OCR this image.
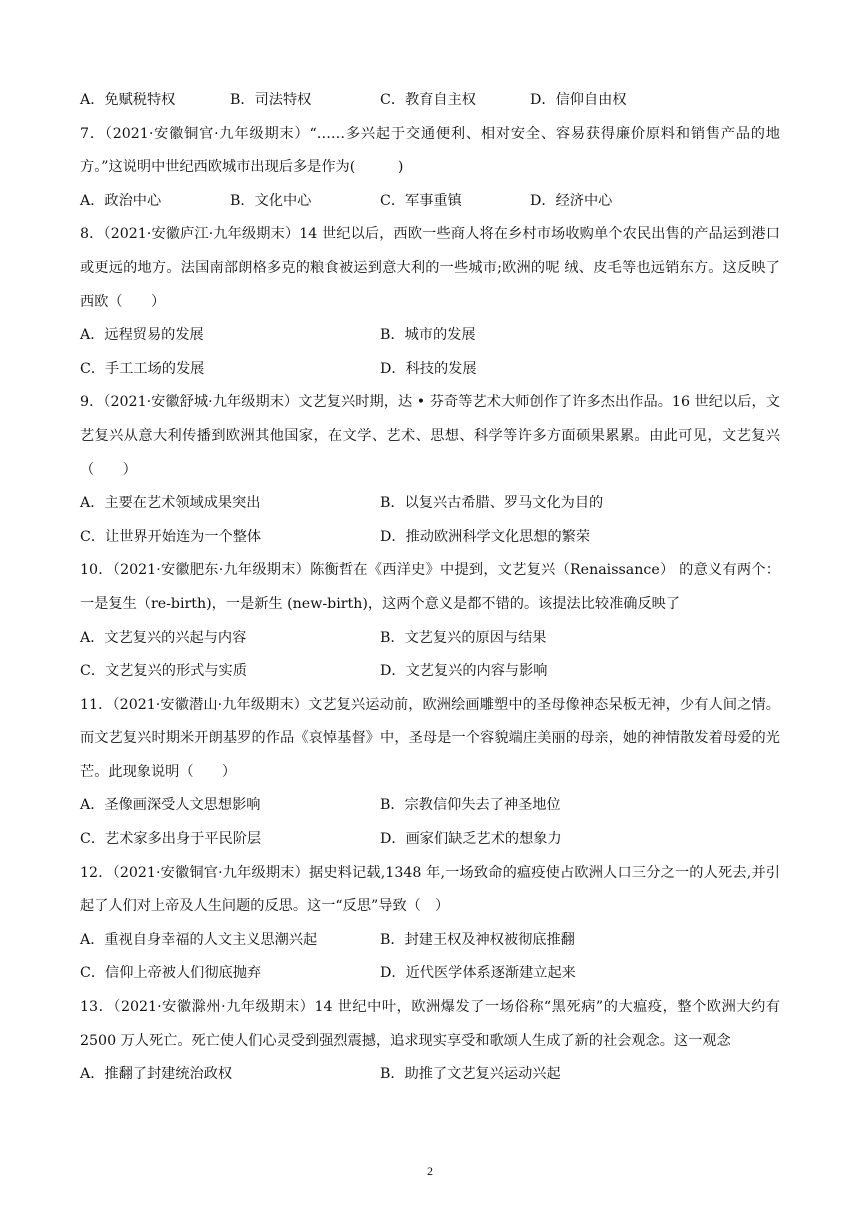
A．免赋税特权	B．司法特权	C．教育自主权	D．信仰自由权
7．（2021·安徽铜官·九年级期末）“……多兴起于交通便利、相对安全、容易获得廉价原料和销售产品的地方。”这说明中世纪西欧城市出现后多是作为(　　　)
A．政治中心	B．文化中心	C．军事重镇	D．经济中心
8．（2021·安徽庐江·九年级期末）14 世纪以后，西欧一些商人将在乡村市场收购单个农民出售的产品运到港口或更远的地方。法国南部朗格多克的粮食被运到意大利的一些城市;欧洲的呢 绒、皮毛等也远销东方。这反映了西欧（　　）
A．远程贸易的发展	B．城市的发展
C．手工工场的发展	D．科技的发展
9．（2021·安徽舒城·九年级期末）文艺复兴时期，达 • 芬奇等艺术大师创作了许多杰出作品。16 世纪以后，文艺复兴从意大利传播到欧洲其他国家，在文学、艺术、思想、科学等许多方面硕果累累。由此可见，文艺复兴（　　）
A．主要在艺术领域成果突出	B．以复兴古希腊、罗马文化为目的
C．让世界开始连为一个整体	D．推动欧洲科学文化思想的繁荣
10．（2021·安徽肥东·九年级期末）陈衡哲在《西洋史》中提到，文艺复兴（Renaissance） 的意义有两个：一是复生（re-birth)，一是新生 (new-birth)，这两个意义是都不错的。该提法比较准确反映了
A．文艺复兴的兴起与内容	B．文艺复兴的原因与结果
C．文艺复兴的形式与实质	D．文艺复兴的内容与影响
11．（2021·安徽潜山·九年级期末）文艺复兴运动前，欧洲绘画雕塑中的圣母像神态呆板无神，少有人间之情。而文艺复兴时期米开朗基罗的作品《哀悼基督》中，圣母是一个容貌端庄美丽的母亲，她的神情散发着母爱的光芒。此现象说明（　　）
A．圣像画深受人文思想影响	B．宗教信仰失去了神圣地位
C．艺术家多出身于平民阶层	D．画家们缺乏艺术的想象力
12．（2021·安徽铜官·九年级期末）据史料记载,1348 年,一场致命的瘟疫使占欧洲人口三分之一的人死去,并引起了人们对上帝及人生问题的反思。这一“反思”导致（　）
A．重视自身幸福的人文主义思潮兴起	B．封建王权及神权被彻底推翻
C．信仰上帝被人们彻底抛弃	D．近代医学体系逐渐建立起来
13．（2021·安徽滁州·九年级期末）14 世纪中叶，欧洲爆发了一场俗称“黑死病”的大瘟疫，整个欧洲大约有 2500 万人死亡。死亡使人们心灵受到强烈震撼，追求现实享受和歌颂人生成了新的社会观念。这一观念
A．推翻了封建统治政权	B．助推了文艺复兴运动兴起
2
